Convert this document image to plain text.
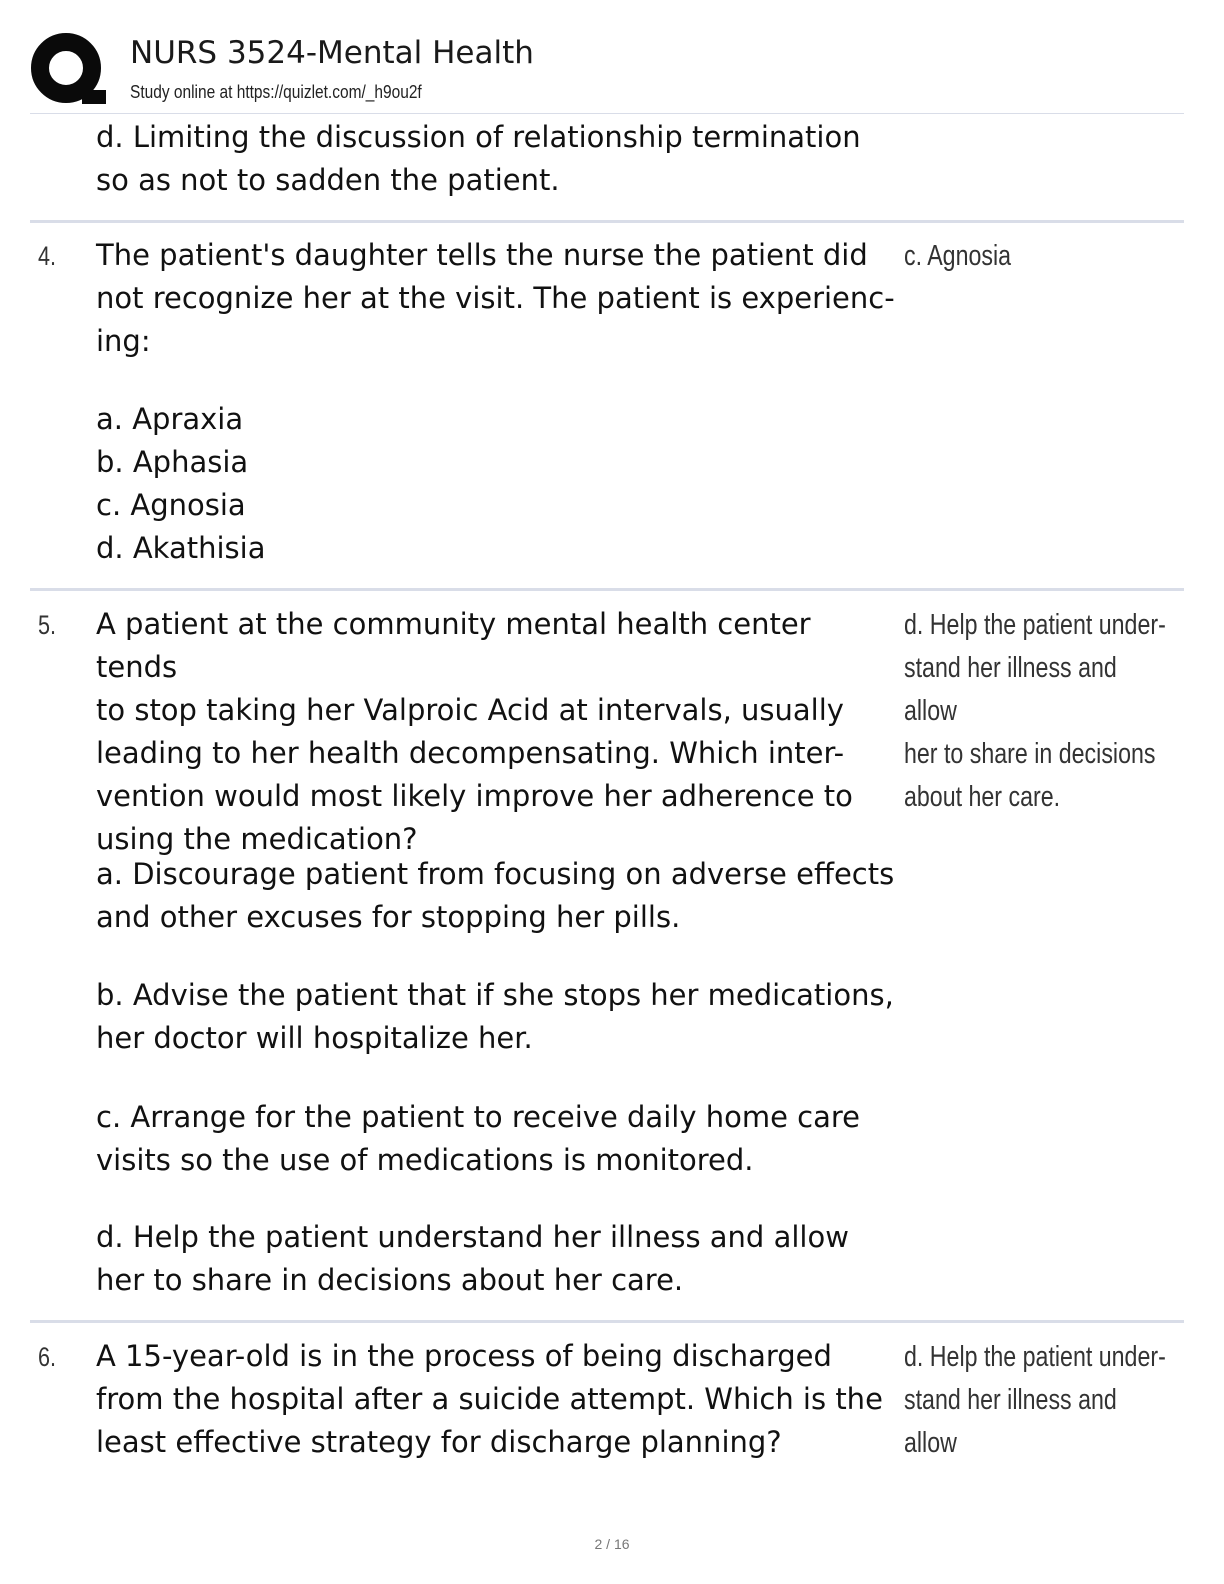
NURS 3524-Mental Health
Study online at https://quizlet.com/_h9ou2f
d. Limiting the discussion of relationship termination
so as not to sadden the patient.
4. The patient's daughter tells the nurse the patient did
not recognize her at the visit. The patient is experienc-
ing:
a. Apraxia
b. Aphasia
c. Agnosia
d. Akathisia
c. Agnosia
5. A patient at the community mental health center tends
to stop taking her Valproic Acid at intervals, usually
leading to her health decompensating. Which inter-
vention would most likely improve her adherence to
using the medication?
a. Discourage patient from focusing on adverse effects
and other excuses for stopping her pills.
b. Advise the patient that if she stops her medications,
her doctor will hospitalize her.
c. Arrange for the patient to receive daily home care
visits so the use of medications is monitored.
d. Help the patient understand her illness and allow
her to share in decisions about her care.
d. Help the patient under-
stand her illness and allow
her to share in decisions
about her care.
6. A 15-year-old is in the process of being discharged
from the hospital after a suicide attempt. Which is the
least effective strategy for discharge planning?
d. Help the patient under-
stand her illness and allow
2 / 16
